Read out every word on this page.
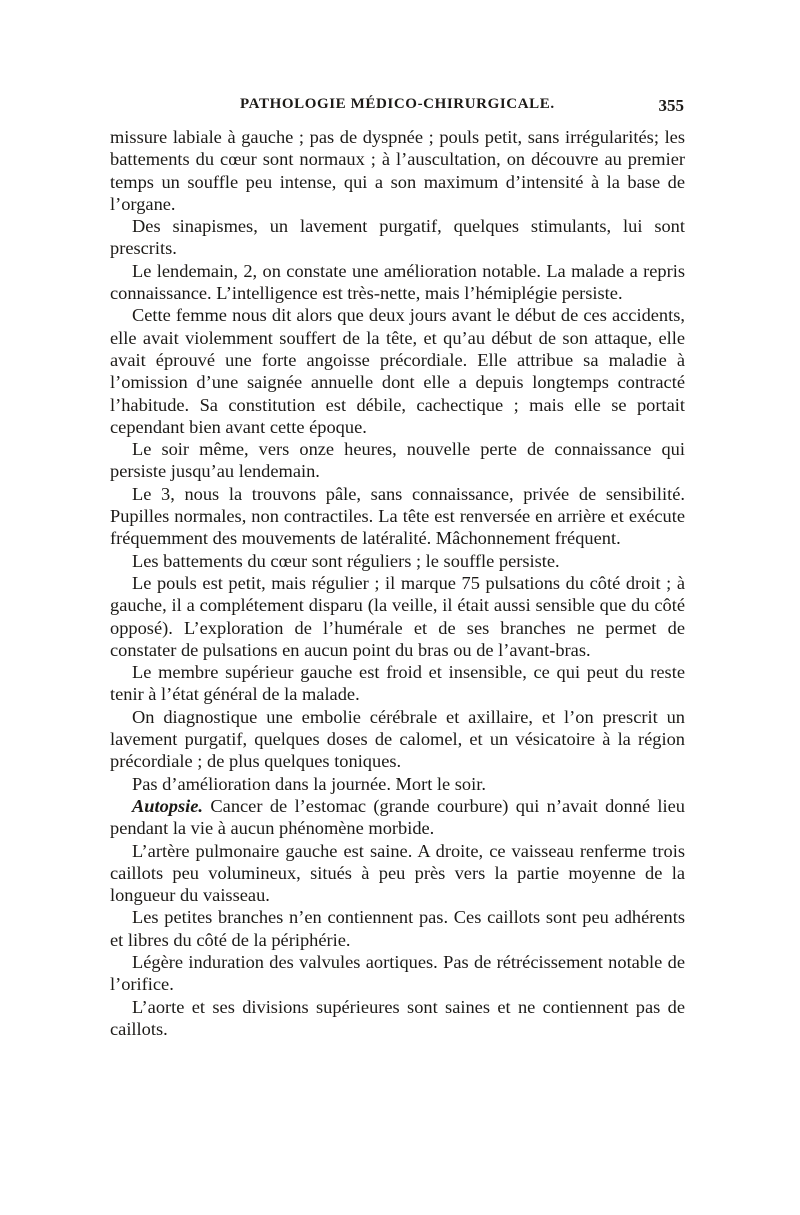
PATHOLOGIE MÉDICO-CHIRURGICALE.	355

missure labiale à gauche ; pas de dyspnée ; pouls petit, sans irrégularités; les battements du cœur sont normaux ; à l’auscultation, on découvre au premier temps un souffle peu intense, qui a son maximum d’intensité à la base de l’organe.

Des sinapismes, un lavement purgatif, quelques stimulants, lui sont prescrits.

Le lendemain, 2, on constate une amélioration notable. La malade a repris connaissance. L’intelligence est très-nette, mais l’hémiplégie persiste.

Cette femme nous dit alors que deux jours avant le début de ces accidents, elle avait violemment souffert de la tête, et qu’au début de son attaque, elle avait éprouvé une forte angoisse précordiale. Elle attribue sa maladie à l’omission d’une saignée annuelle dont elle a depuis longtemps contracté l’habitude. Sa constitution est débile, cachectique ; mais elle se portait cependant bien avant cette époque.

Le soir même, vers onze heures, nouvelle perte de connaissance qui persiste jusqu’au lendemain.

Le 3, nous la trouvons pâle, sans connaissance, privée de sensibilité. Pupilles normales, non contractiles. La tête est renversée en arrière et exécute fréquemment des mouvements de latéralité. Mâchonnement fréquent.

Les battements du cœur sont réguliers ; le souffle persiste.

Le pouls est petit, mais régulier ; il marque 75 pulsations du côté droit ; à gauche, il a complétement disparu (la veille, il était aussi sensible que du côté opposé). L’exploration de l’humérale et de ses branches ne permet de constater de pulsations en aucun point du bras ou de l’avant-bras.

Le membre supérieur gauche est froid et insensible, ce qui peut du reste tenir à l’état général de la malade.

On diagnostique une embolie cérébrale et axillaire, et l’on prescrit un lavement purgatif, quelques doses de calomel, et un vésicatoire à la région précordiale ; de plus quelques toniques.

Pas d’amélioration dans la journée. Mort le soir.

Autopsie. Cancer de l’estomac (grande courbure) qui n’avait donné lieu pendant la vie à aucun phénomène morbide.

L’artère pulmonaire gauche est saine. A droite, ce vaisseau renferme trois caillots peu volumineux, situés à peu près vers la partie moyenne de la longueur du vaisseau.

Les petites branches n’en contiennent pas. Ces caillots sont peu adhérents et libres du côté de la périphérie.

Légère induration des valvules aortiques. Pas de rétrécissement notable de l’orifice.

L’aorte et ses divisions supérieures sont saines et ne contiennent pas de caillots.
